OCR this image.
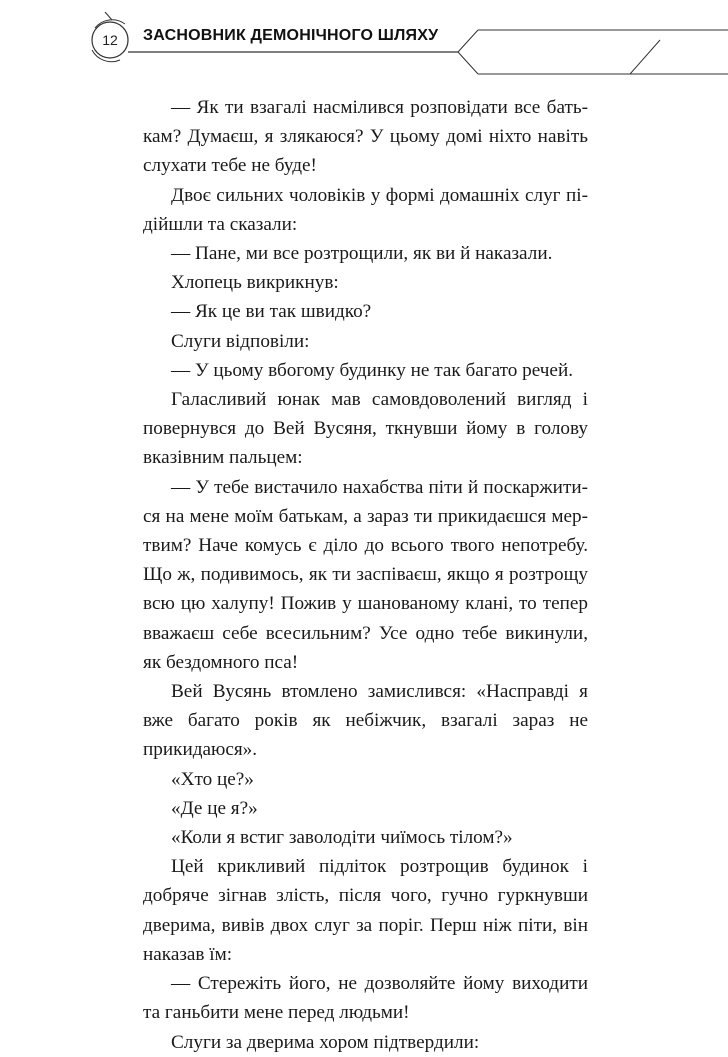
12	ЗАСНОВНИК ДЕМОНІЧНОГО ШЛЯХУ

— Як ти взагалі насмілився розповідати все батькам? Думаєш, я злякаюся? У цьому домі ніхто навіть слухати тебе не буде!

Двоє сильних чоловіків у формі домашніх слуг підійшли та сказали:

— Пане, ми все розтрощили, як ви й наказали.

Хлопець викрикнув:

— Як це ви так швидко?

Слуги відповіли:

— У цьому вбогому будинку не так багато речей.

Галасливий юнак мав самовдоволений вигляд і повернувся до Вей Вусяня, ткнувши йому в голову вказівним пальцем:

— У тебе вистачило нахабства піти й поскаржитися на мене моїм батькам, а зараз ти прикидаєшся мертвим? Наче комусь є діло до всього твого непотребу. Що ж, подивимось, як ти заспіваєш, якщо я розтрощу всю цю халупу! Пожив у шанованому клані, то тепер вважаєш себе всесильним? Усе одно тебе викинули, як бездомного пса!

Вей Вусянь втомлено замислився: «Насправді я вже багато років як небіжчик, взагалі зараз не прикидаюся».

«Хто це?»

«Де це я?»

«Коли я встиг заволодіти чиїмось тілом?»

Цей крикливий підліток розтрощив будинок і добряче зігнав злість, після чого, гучно гуркнувши дверима, вивів двох слуг за поріг. Перш ніж піти, він наказав їм:

— Стережіть його, не дозволяйте йому виходити та ганьбити мене перед людьми!

Слуги за дверима хором підтвердили:
